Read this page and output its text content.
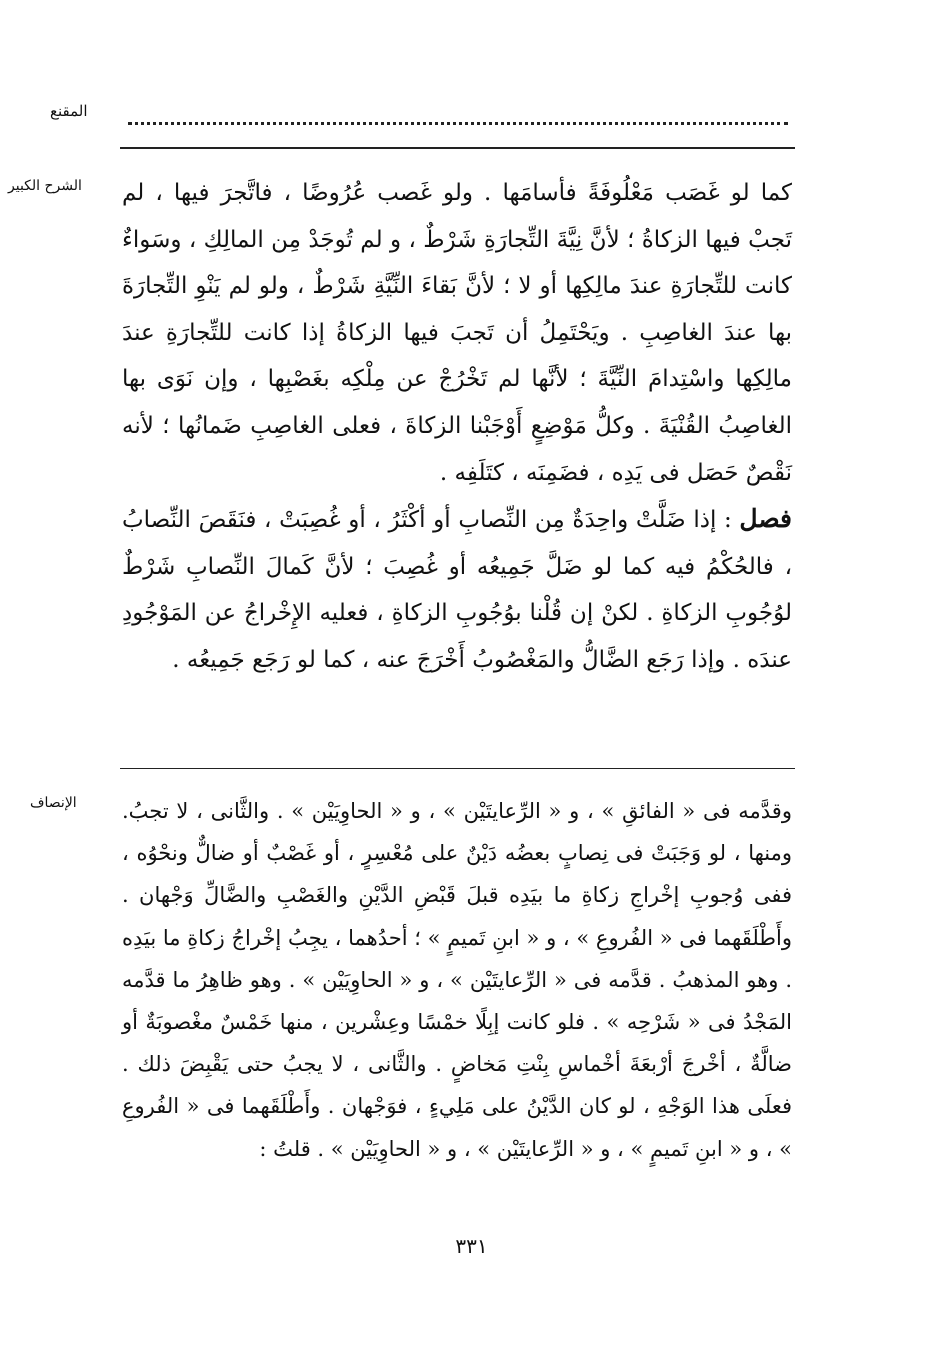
المقنع
الشرح الكبير كما لو غَصَب مَعْلُوفَةً فأسامَها . ولو غَصب عُرُوضًا ، فاتَّجرَ فيها ، لم تَجبْ فيها الزكاةُ ؛ لأنَّ نِيَّةَ التِّجارَةِ شَرْطٌ ، و لم تُوجَدْ مِن المالِكِ ، وسَواءٌ كانت للتِّجارَةِ عندَ مالِكِها أو لا ؛ لأنَّ بَقاءَ النِّيَّةِ شَرْطٌ ، ولو لم يَنْوِ التِّجارَةَ بها عندَ الغاصِبِ . ويَحْتَمِلُ أن تَجبَ فيها الزكاةُ إذا كانت للتِّجارَةِ عندَ مالِكِها واسْتِدامَ النِّيَّةَ ؛ لأنَّها لم تَخْرُجْ عن مِلْكِه بغَصْبِها ، وإن نَوَى بها الغاصِبُ القُنْيَةَ . وكلُّ مَوْضِعٍ أَوْجَبْنا الزكاةَ ، فعلى الغاصِبِ ضَمانُها ؛ لأنه نَقْصٌ حَصَل فى يَدِه ، فضَمِنَه ، كتَلَفِه .

فصل : إذا ضَلَّتْ واحِدَةٌ مِن النِّصابِ أو أكْثَرُ ، أو غُصِبَتْ ، فنَقَصَ النِّصابُ ، فالحُكْمُ فيه كما لو ضَلَّ جَمِيعُه أو غُصِبَ ؛ لأنَّ كَمالَ النِّصابِ شَرْطٌ لوُجُوبِ الزكاةِ . لكنْ إن قُلْنا بوُجُوبِ الزكاةِ ، فعليه الإِخْراجُ عن المَوْجُودِ عندَه . وإذا رَجَع الضَّالُّ والمَغْصُوبُ أَخْرَجَ عنه ، كما لو رَجَع جَمِيعُه .

الإنصاف وقدَّمه فى « الفائقِ » ، و « الرِّعايتَيْن » ، و « الحاوِيَيْن » . والثَّانى ، لا تجبُ. ومنها ، لو وَجَبَتْ فى نِصابٍ بعضُه دَيْنٌ على مُعْسِرٍ ، أو غَصْبٌ أو ضالٌّ ونحْوُه ، ففى وُجوبِ إخْراجِ زكاةِ ما بيَدِه قبلَ قَبْضِ الدَّيْنِ والغَصْبِ والضَّالِّ وَجْهان . وأَطْلَقَهما فى « الفُروعِ » ، و « ابنِ تَميمٍ » ؛ أحدُهما ، يجِبُ إخْراجُ زكاةِ ما بيَدِه . وهو المذهبُ . قدَّمه فى « الرِّعايتَيْن » ، و « الحاوِيَيْن » . وهو ظاهِرُ ما قدَّمه المَجْدُ فى « شَرْحِه » . فلو كانت إبِلًا خمْسًا وعِشْرين ، منها خَمْسٌ مغْصوبَةٌ أو ضالَّةٌ ، أخْرجَ أرْبعَةَ أخْماسِ بِنْتِ مَخاضٍ . والثَّانى ، لا يجبُ حتى يَقْبِضَ ذلك . فعلَى هذا الوَجْهِ ، لو كان الدَّيْنُ على مَلِيءٍ ، فوَجْهان . وأَطْلَقَهما فى « الفُروعِ » ، و « ابنِ تَميمٍ » ، و « الرِّعايتَيْن » ، و « الحاوِيَيْن » . قلتُ :

٣٣١
